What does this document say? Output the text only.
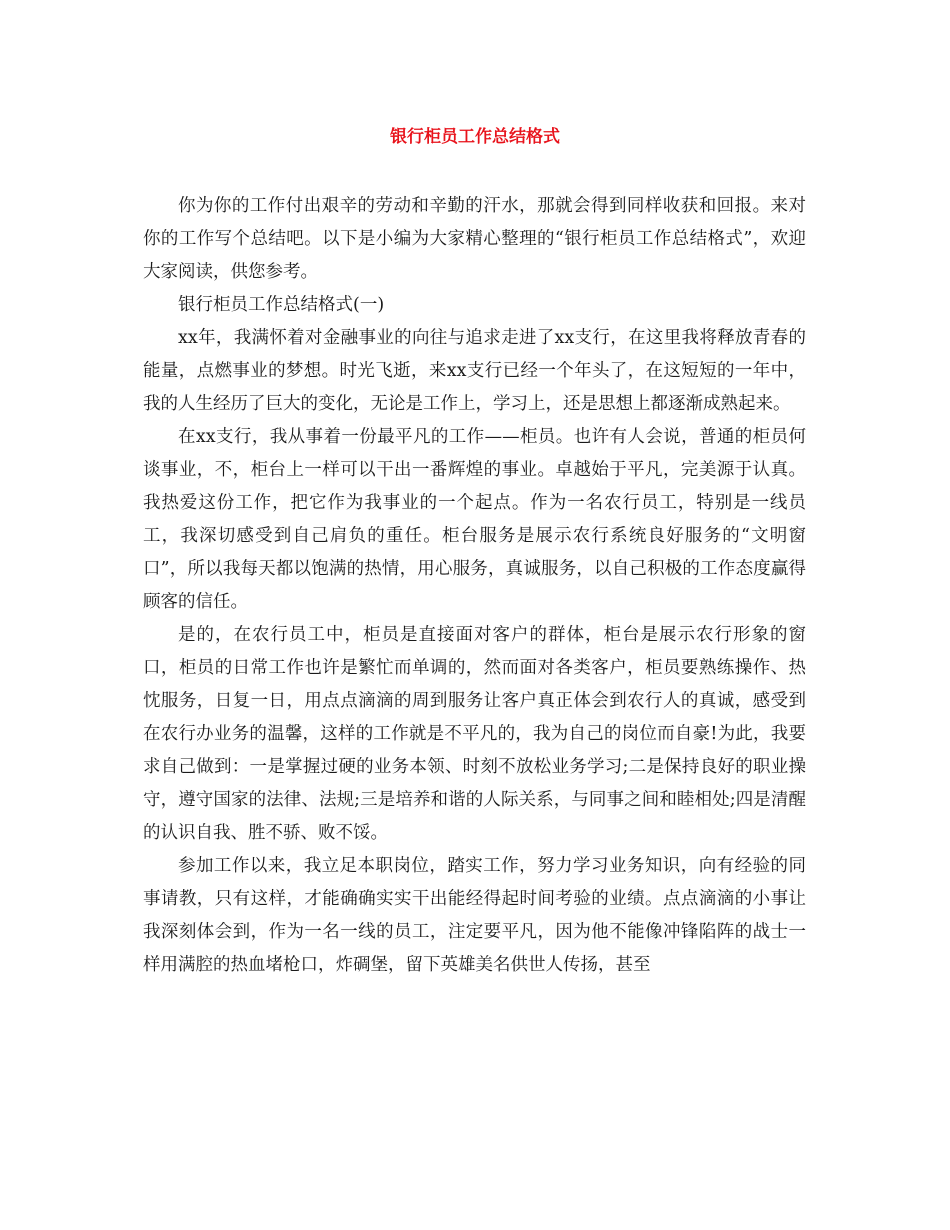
银行柜员工作总结格式

你为你的工作付出艰辛的劳动和辛勤的汗水，那就会得到同样收获和回报。来对你的工作写个总结吧。以下是小编为大家精心整理的“银行柜员工作总结格式”，欢迎大家阅读，供您参考。

银行柜员工作总结格式(一)

xx年，我满怀着对金融事业的向往与追求走进了xx支行，在这里我将释放青春的能量，点燃事业的梦想。时光飞逝，来xx支行已经一个年头了，在这短短的一年中，我的人生经历了巨大的变化，无论是工作上，学习上，还是思想上都逐渐成熟起来。

在xx支行，我从事着一份最平凡的工作——柜员。也许有人会说，普通的柜员何谈事业，不，柜台上一样可以干出一番辉煌的事业。卓越始于平凡，完美源于认真。我热爱这份工作，把它作为我事业的一个起点。作为一名农行员工，特别是一线员工，我深切感受到自己肩负的重任。柜台服务是展示农行系统良好服务的“文明窗口”，所以我每天都以饱满的热情，用心服务，真诚服务，以自己积极的工作态度赢得顾客的信任。

是的，在农行员工中，柜员是直接面对客户的群体，柜台是展示农行形象的窗口，柜员的日常工作也许是繁忙而单调的，然而面对各类客户，柜员要熟练操作、热忱服务，日复一日，用点点滴滴的周到服务让客户真正体会到农行人的真诚，感受到在农行办业务的温馨，这样的工作就是不平凡的，我为自己的岗位而自豪!为此，我要求自己做到：一是掌握过硬的业务本领、时刻不放松业务学习;二是保持良好的职业操守，遵守国家的法律、法规;三是培养和谐的人际关系，与同事之间和睦相处;四是清醒的认识自我、胜不骄、败不馁。

参加工作以来，我立足本职岗位，踏实工作，努力学习业务知识，向有经验的同事请教，只有这样，才能确确实实干出能经得起时间考验的业绩。点点滴滴的小事让我深刻体会到，作为一名一线的员工，注定要平凡，因为他不能像冲锋陷阵的战士一样用满腔的热血堵枪口，炸碉堡，留下英雄美名供世人传扬，甚至
